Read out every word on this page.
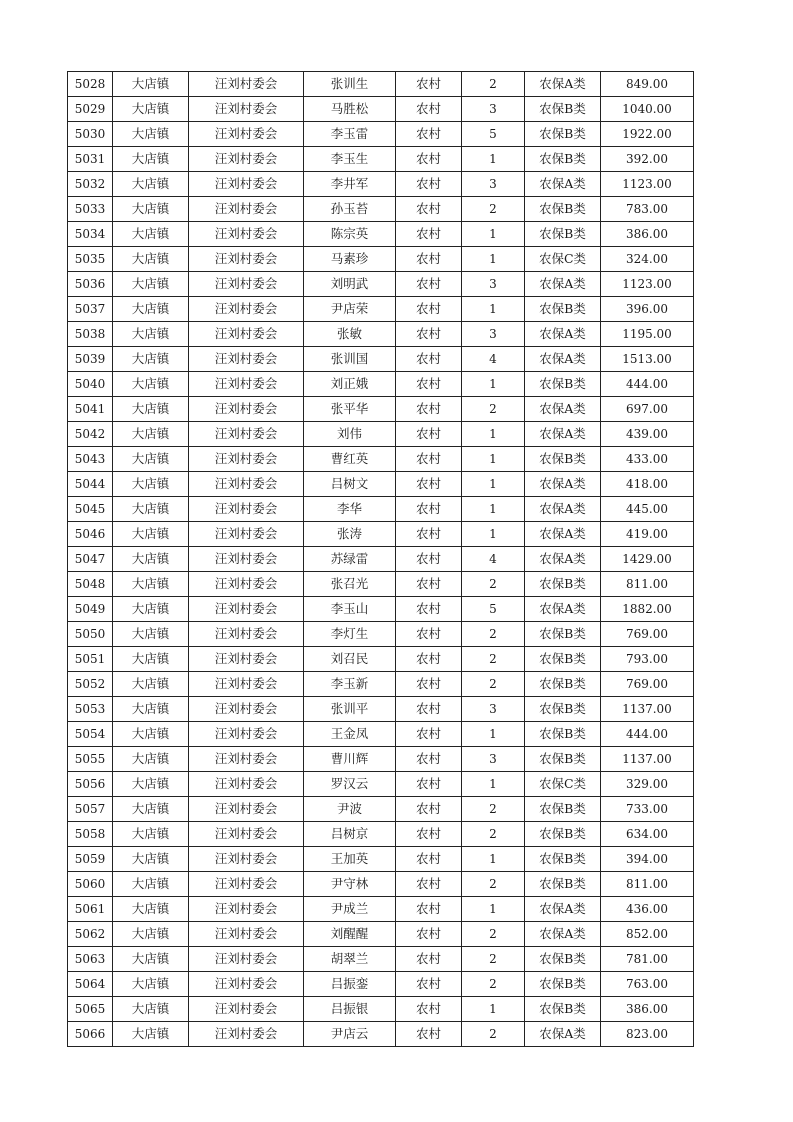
5028	大店镇	汪刘村委会	张训生	农村	2	农保A类	849.00
5029	大店镇	汪刘村委会	马胜松	农村	3	农保B类	1040.00
5030	大店镇	汪刘村委会	李玉雷	农村	5	农保B类	1922.00
5031	大店镇	汪刘村委会	李玉生	农村	1	农保B类	392.00
5032	大店镇	汪刘村委会	李井军	农村	3	农保A类	1123.00
5033	大店镇	汪刘村委会	孙玉苔	农村	2	农保B类	783.00
5034	大店镇	汪刘村委会	陈宗英	农村	1	农保B类	386.00
5035	大店镇	汪刘村委会	马素珍	农村	1	农保C类	324.00
5036	大店镇	汪刘村委会	刘明武	农村	3	农保A类	1123.00
5037	大店镇	汪刘村委会	尹店荣	农村	1	农保B类	396.00
5038	大店镇	汪刘村委会	张敏	农村	3	农保A类	1195.00
5039	大店镇	汪刘村委会	张训国	农村	4	农保A类	1513.00
5040	大店镇	汪刘村委会	刘正娥	农村	1	农保B类	444.00
5041	大店镇	汪刘村委会	张平华	农村	2	农保A类	697.00
5042	大店镇	汪刘村委会	刘伟	农村	1	农保A类	439.00
5043	大店镇	汪刘村委会	曹红英	农村	1	农保B类	433.00
5044	大店镇	汪刘村委会	吕树文	农村	1	农保A类	418.00
5045	大店镇	汪刘村委会	李华	农村	1	农保A类	445.00
5046	大店镇	汪刘村委会	张涛	农村	1	农保A类	419.00
5047	大店镇	汪刘村委会	苏绿雷	农村	4	农保A类	1429.00
5048	大店镇	汪刘村委会	张召光	农村	2	农保B类	811.00
5049	大店镇	汪刘村委会	李玉山	农村	5	农保A类	1882.00
5050	大店镇	汪刘村委会	李灯生	农村	2	农保B类	769.00
5051	大店镇	汪刘村委会	刘召民	农村	2	农保B类	793.00
5052	大店镇	汪刘村委会	李玉新	农村	2	农保B类	769.00
5053	大店镇	汪刘村委会	张训平	农村	3	农保B类	1137.00
5054	大店镇	汪刘村委会	王金凤	农村	1	农保B类	444.00
5055	大店镇	汪刘村委会	曹川辉	农村	3	农保B类	1137.00
5056	大店镇	汪刘村委会	罗汉云	农村	1	农保C类	329.00
5057	大店镇	汪刘村委会	尹波	农村	2	农保B类	733.00
5058	大店镇	汪刘村委会	吕树京	农村	2	农保B类	634.00
5059	大店镇	汪刘村委会	王加英	农村	1	农保B类	394.00
5060	大店镇	汪刘村委会	尹守林	农村	2	农保B类	811.00
5061	大店镇	汪刘村委会	尹成兰	农村	1	农保A类	436.00
5062	大店镇	汪刘村委会	刘醒醒	农村	2	农保A类	852.00
5063	大店镇	汪刘村委会	胡翠兰	农村	2	农保B类	781.00
5064	大店镇	汪刘村委会	吕振銮	农村	2	农保B类	763.00
5065	大店镇	汪刘村委会	吕振银	农村	1	农保B类	386.00
5066	大店镇	汪刘村委会	尹店云	农村	2	农保A类	823.00
